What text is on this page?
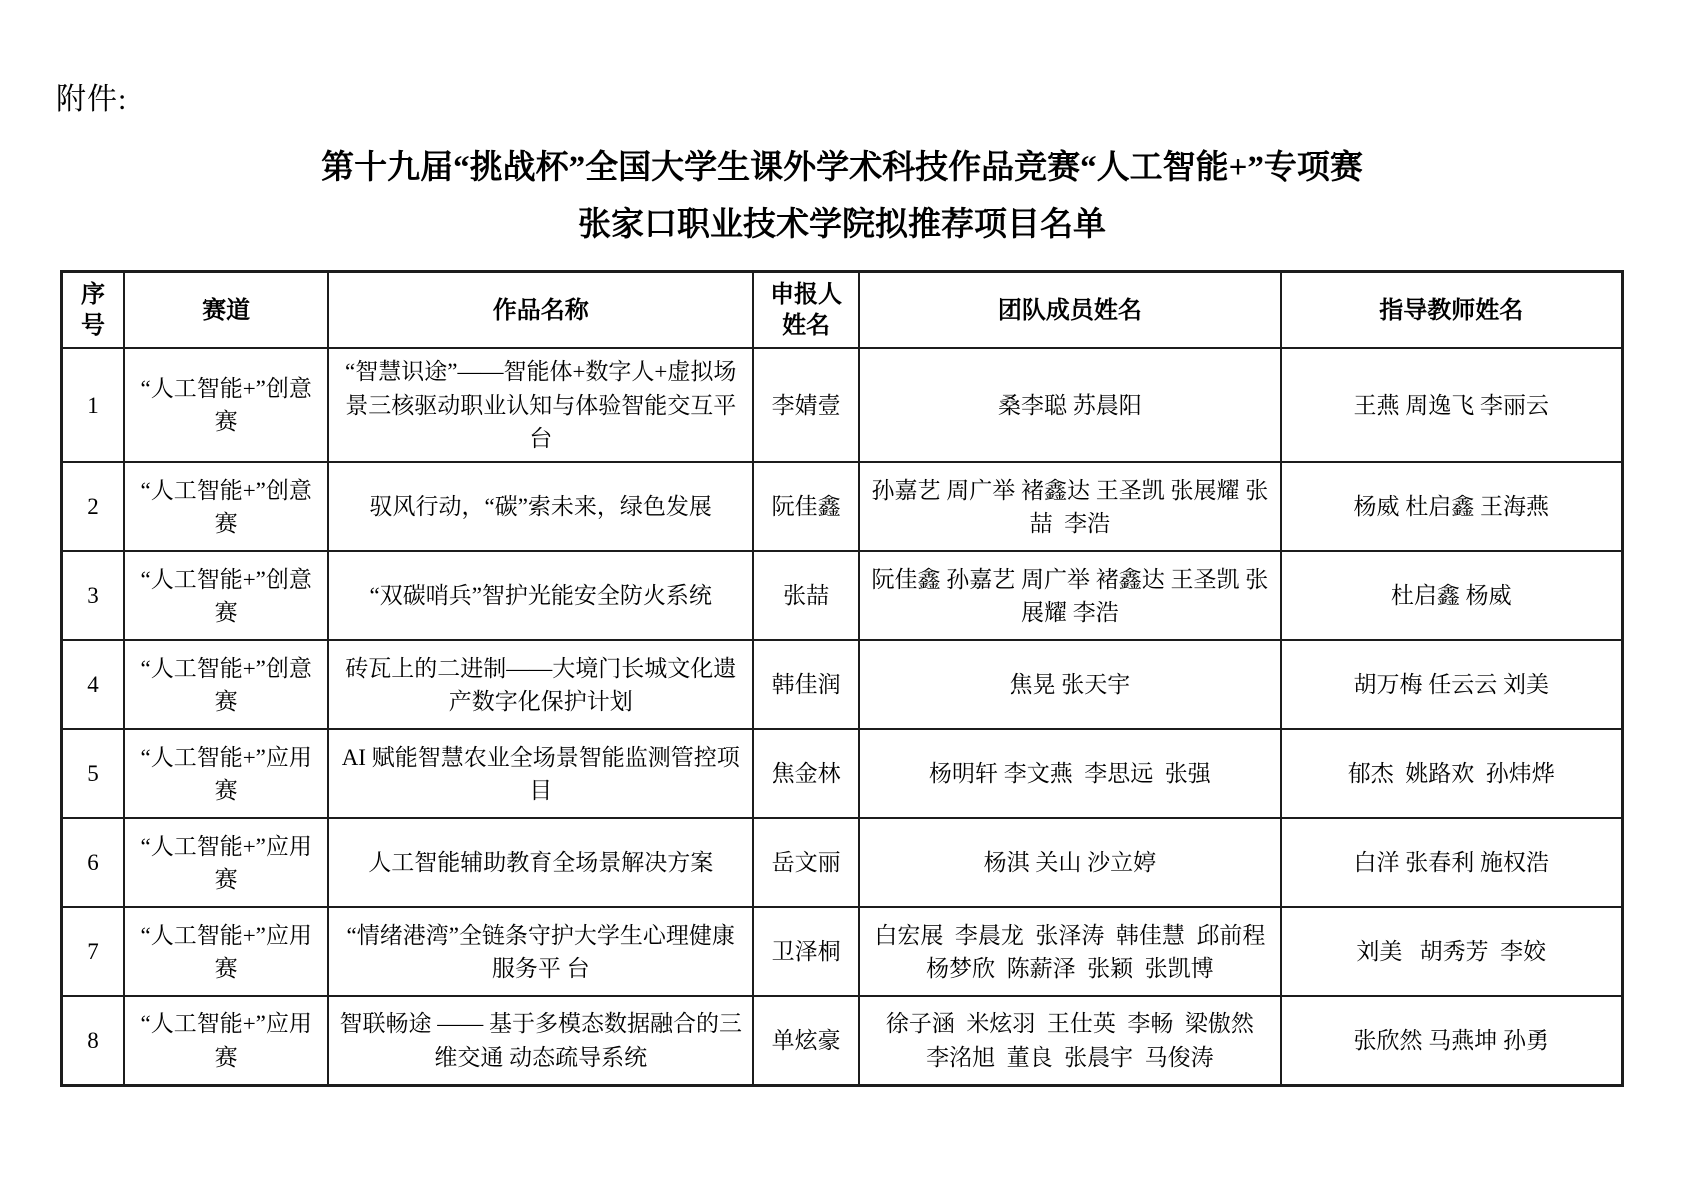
附件:
第十九届“挑战杯”全国大学生课外学术科技作品竞赛“人工智能+”专项赛
张家口职业技术学院拟推荐项目名单
序号	赛道	作品名称	申报人姓名	团队成员姓名	指导教师姓名
1	“人工智能+”创意赛	“智慧识途”——智能体+数字人+虚拟场景三核驱动职业认知与体验智能交互平台	李婧壹	桑李聪 苏晨阳	王燕 周逸飞 李丽云
2	“人工智能+”创意赛	驭风行动，“碳”索未来，绿色发展	阮佳鑫	孙嘉艺 周广举 褚鑫达 王圣凯 张展耀 张喆  李浩	杨威 杜启鑫 王海燕
3	“人工智能+”创意赛	“双碳哨兵”智护光能安全防火系统	张喆	阮佳鑫 孙嘉艺 周广举 褚鑫达 王圣凯 张展耀 李浩	杜启鑫 杨威
4	“人工智能+”创意赛	砖瓦上的二进制——大境门长城文化遗产数字化保护计划	韩佳润	焦晃 张天宇	胡万梅 任云云 刘美
5	“人工智能+”应用赛	AI 赋能智慧农业全场景智能监测管控项目	焦金林	杨明轩 李文燕  李思远  张强	郁杰  姚路欢  孙炜烨
6	“人工智能+”应用赛	人工智能辅助教育全场景解决方案	岳文丽	杨淇 关山 沙立婷	白洋 张春利 施权浩
7	“人工智能+”应用赛	“情绪港湾”全链条守护大学生心理健康服务平 台	卫泽桐	白宏展  李晨龙  张泽涛  韩佳慧  邱前程 杨梦欣  陈薪泽  张颖  张凯博	刘美   胡秀芳  李姣
8	“人工智能+”应用赛	智联畅途 —— 基于多模态数据融合的三维交通 动态疏导系统	单炫豪	徐子涵  米炫羽  王仕英  李畅  梁傲然  李洺旭  董良  张晨宇  马俊涛	张欣然 马燕坤 孙勇
